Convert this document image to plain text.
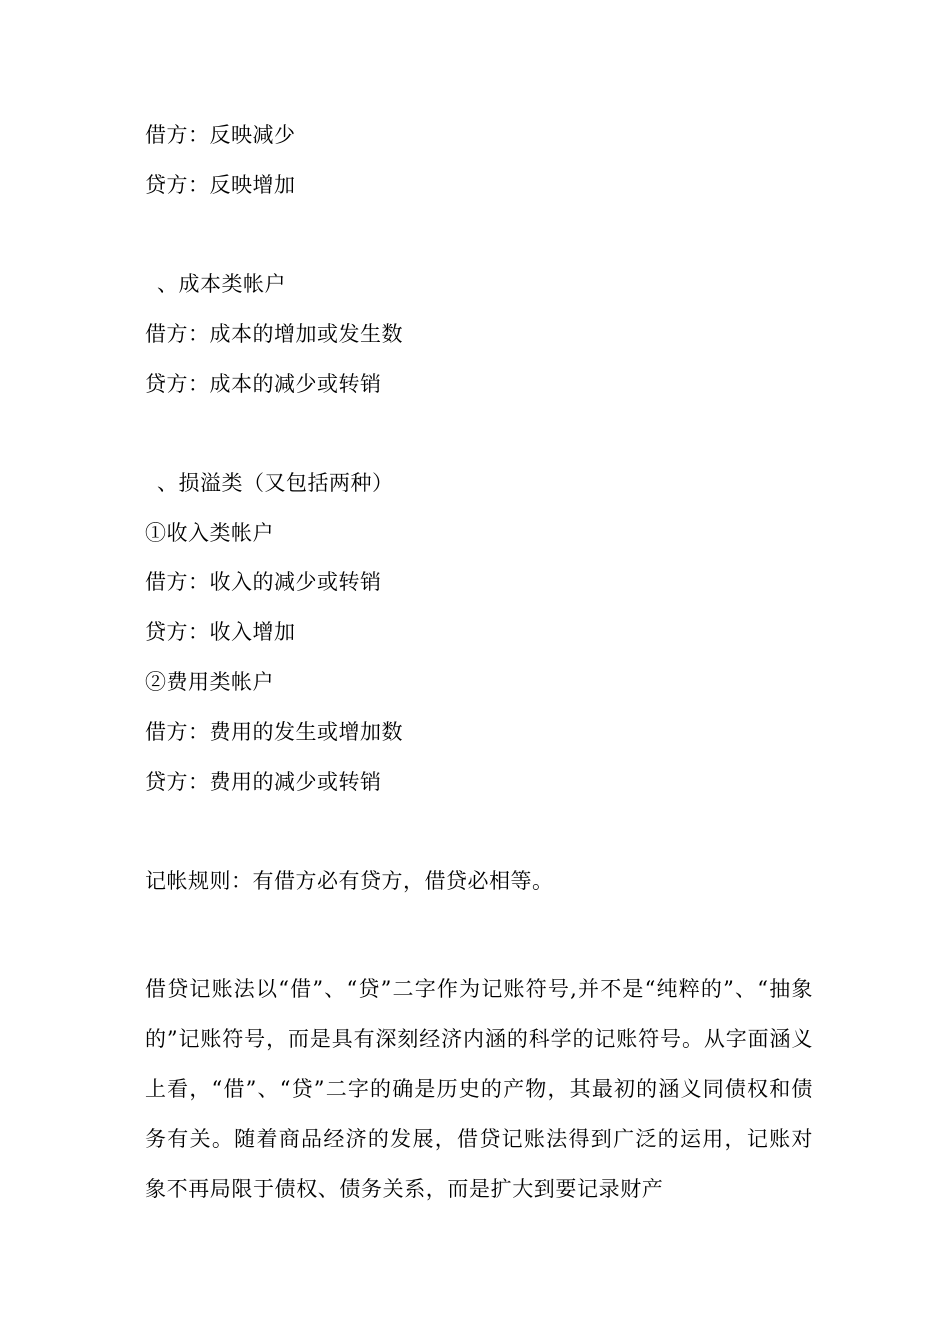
借方：反映减少
贷方：反映增加
、成本类帐户
借方：成本的增加或发生数
贷方：成本的减少或转销
、损溢类（又包括两种）
①收入类帐户
借方：收入的减少或转销
贷方：收入增加
②费用类帐户
借方：费用的发生或增加数
贷方：费用的减少或转销
记帐规则：有借方必有贷方，借贷必相等。
借贷记账法以“借”、“贷”二字作为记账符号,并不是“纯粹的”、“抽象的”记账符号，而是具有深刻经济内涵的科学的记账符号。从字面涵义上看，“借”、“贷”二字的确是历史的产物，其最初的涵义同债权和债务有关。随着商品经济的发展，借贷记账法得到广泛的运用，记账对象不再局限于债权、债务关系，而是扩大到要记录财产
